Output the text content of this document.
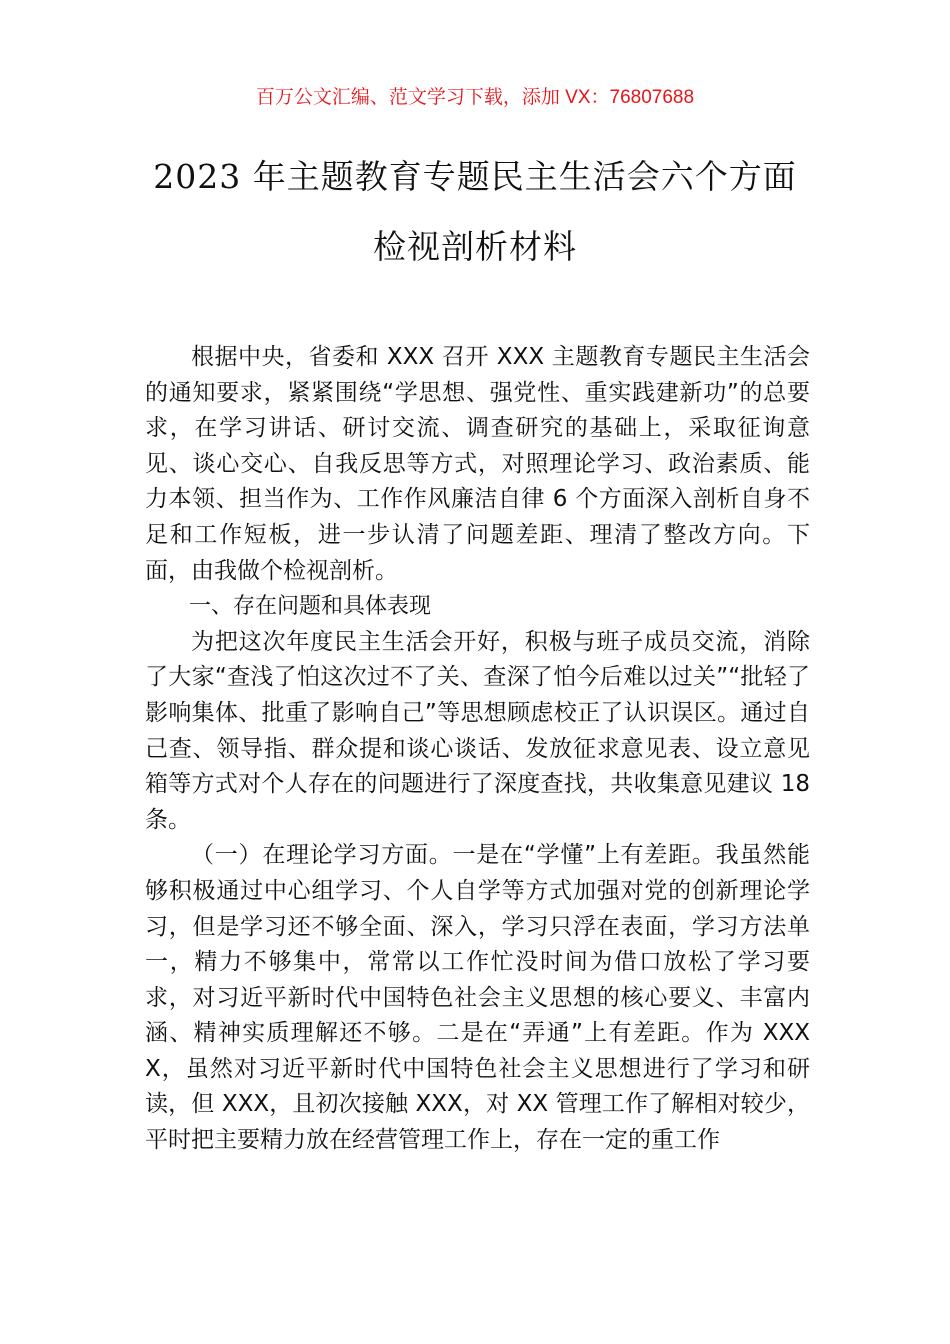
百万公文汇编、范文学习下载，添加 VX：76807688
2023 年主题教育专题民主生活会六个方面
检视剖析材料

根据中央，省委和 XXX 召开 XXX 主题教育专题民主生活会的通知要求，紧紧围绕“学思想、强党性、重实践建新功”的总要求，在学习讲话、研讨交流、调查研究的基础上，采取征询意见、谈心交心、自我反思等方式，对照理论学习、政治素质、能力本领、担当作为、工作作风廉洁自律 6 个方面深入剖析自身不足和工作短板，进一步认清了问题差距、理清了整改方向。下面，由我做个检视剖析。

一、存在问题和具体表现

为把这次年度民主生活会开好，积极与班子成员交流，消除了大家“查浅了怕这次过不了关、查深了怕今后难以过关”“批轻了影响集体、批重了影响自己”等思想顾虑校正了认识误区。通过自己查、领导指、群众提和谈心谈话、发放征求意见表、设立意见箱等方式对个人存在的问题进行了深度查找，共收集意见建议 18 条。

（一）在理论学习方面。一是在“学懂”上有差距。我虽然能够积极通过中心组学习、个人自学等方式加强对党的创新理论学习，但是学习还不够全面、深入，学习只浮在表面，学习方法单一，精力不够集中，常常以工作忙没时间为借口放松了学习要求，对习近平新时代中国特色社会主义思想的核心要义、丰富内涵、精神实质理解还不够。二是在“弄通”上有差距。作为 XXXX，虽然对习近平新时代中国特色社会主义思想进行了学习和研读，但 XXX，且初次接触 XXX，对 XX 管理工作了解相对较少，平时把主要精力放在经营管理工作上，存在一定的重工作
